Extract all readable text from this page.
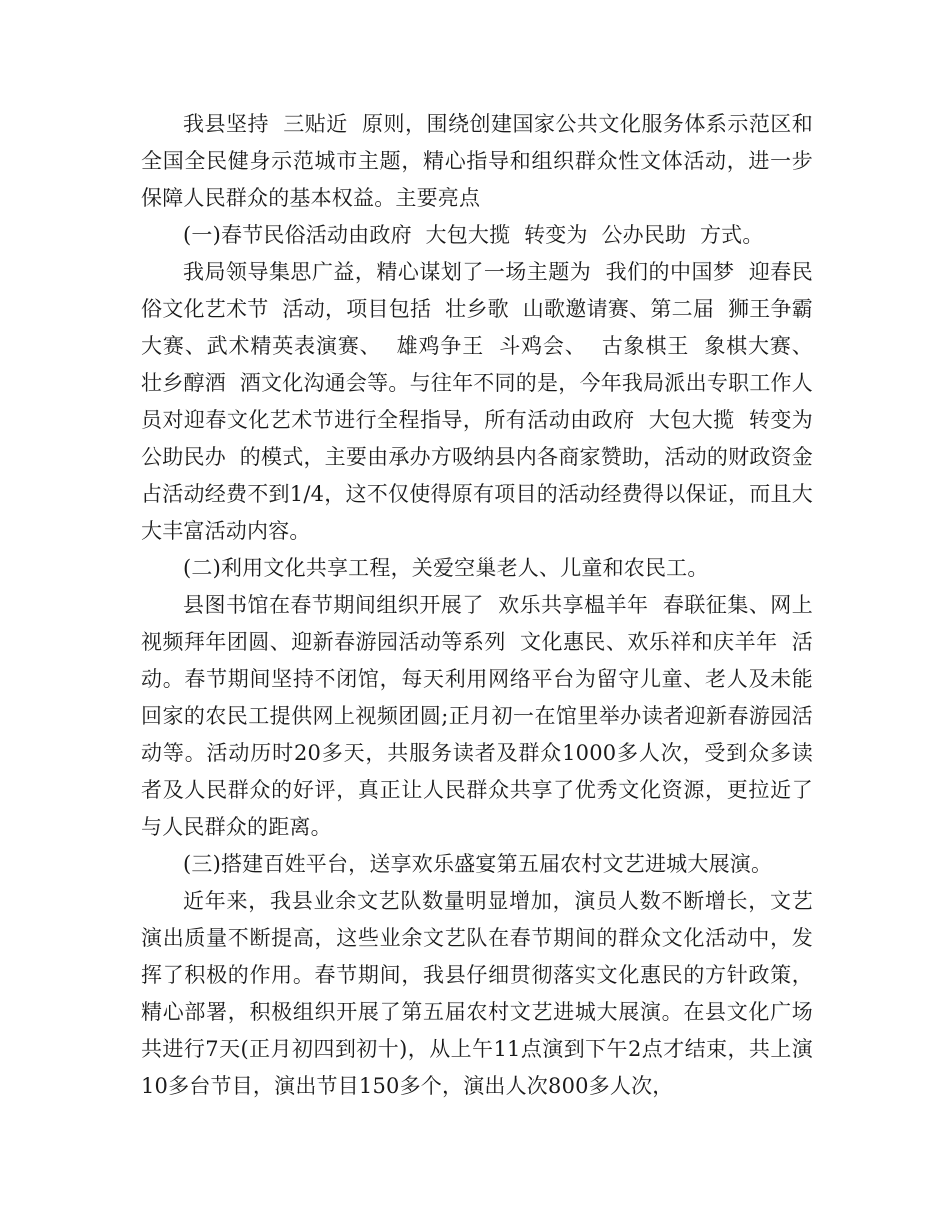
我县坚持  三贴近  原则，围绕创建国家公共文化服务体系示范区和全国全民健身示范城市主题，精心指导和组织群众性文体活动，进一步保障人民群众的基本权益。主要亮点

(一)春节民俗活动由政府  大包大揽  转变为  公办民助  方式。

我局领导集思广益，精心谋划了一场主题为  我们的中国梦  迎春民俗文化艺术节  活动，项目包括  壮乡歌  山歌邀请赛、第二届  狮王争霸  大赛、武术精英表演赛、  雄鸡争王  斗鸡会、  古象棋王  象棋大赛、  壮乡醇酒  酒文化沟通会等。与往年不同的是，今年我局派出专职工作人员对迎春文化艺术节进行全程指导，所有活动由政府  大包大揽  转变为  公助民办  的模式，主要由承办方吸纳县内各商家赞助，活动的财政资金占活动经费不到1/4，这不仅使得原有项目的活动经费得以保证，而且大大丰富活动内容。

(二)利用文化共享工程，关爱空巢老人、儿童和农民工。

县图书馆在春节期间组织开展了  欢乐共享榅羊年  春联征集、网上视频拜年团圆、迎新春游园活动等系列  文化惠民、欢乐祥和庆羊年  活动。春节期间坚持不闭馆，每天利用网络平台为留守儿童、老人及未能回家的农民工提供网上视频团圆;正月初一在馆里举办读者迎新春游园活动等。活动历时20多天，共服务读者及群众1000多人次，受到众多读者及人民群众的好评，真正让人民群众共享了优秀文化资源，更拉近了与人民群众的距离。

(三)搭建百姓平台，送享欢乐盛宴第五届农村文艺进城大展演。

近年来，我县业余文艺队数量明显增加，演员人数不断增长，文艺演出质量不断提高，这些业余文艺队在春节期间的群众文化活动中，发挥了积极的作用。春节期间，我县仔细贯彻落实文化惠民的方针政策，精心部署，积极组织开展了第五届农村文艺进城大展演。在县文化广场共进行7天(正月初四到初十)，从上午11点演到下午2点才结束，共上演10多台节目，演出节目150多个，演出人次800多人次，
